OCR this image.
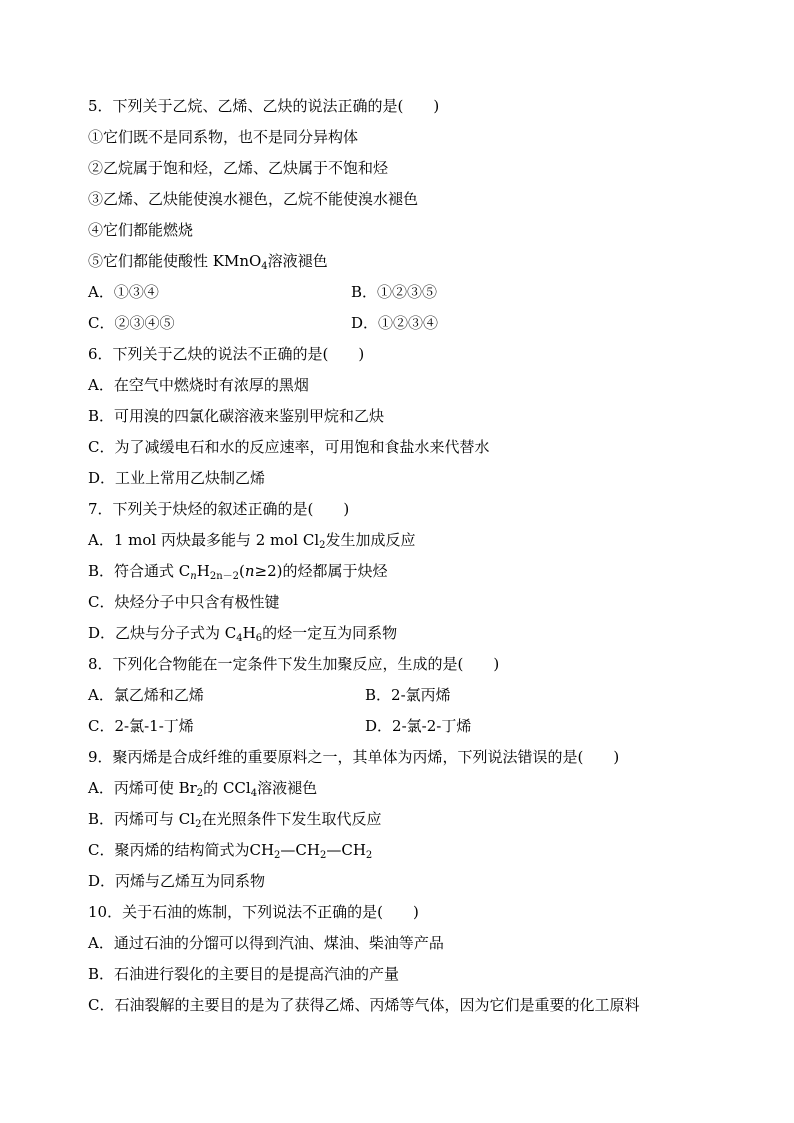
5．下列关于乙烷、乙烯、乙炔的说法正确的是(　　)
①它们既不是同系物，也不是同分异构体
②乙烷属于饱和烃，乙烯、乙炔属于不饱和烃
③乙烯、乙炔能使溴水褪色，乙烷不能使溴水褪色
④它们都能燃烧
⑤它们都能使酸性 KMnO$_4$溶液褪色
A．①③④	B．①②③⑤
C．②③④⑤	D．①②③④
6．下列关于乙炔的说法不正确的是(　　)
A．在空气中燃烧时有浓厚的黑烟
B．可用溴的四氯化碳溶液来鉴别甲烷和乙炔
C．为了减缓电石和水的反应速率，可用饱和食盐水来代替水
D．工业上常用乙炔制乙烯
7．下列关于炔烃的叙述正确的是(　　)
A．1 mol 丙炔最多能与 2 mol $Cl_2$发生加成反应
B．符合通式 $C_nH_{2n-2}(n\ge 2)$的烃都属于炔烃
C．炔烃分子中只含有极性键
D．乙炔与分子式为 $C_4H_6$的烃一定互为同系物
8．下列化合物能在一定条件下发生加聚反应，生成的是(　　)
A．氯乙烯和乙烯	B．2-氯丙烯
C．2-氯-1-丁烯	D．2-氯-2-丁烯
9．聚丙烯是合成纤维的重要原料之一，其单体为丙烯，下列说法错误的是(　　)
A．丙烯可使 $Br_2$的 CCl$_4$溶液褪色
B．丙烯可与 $Cl_2$在光照条件下发生取代反应
C．聚丙烯的结构简式为$CH_2—CH_2—CH_2$
D．丙烯与乙烯互为同系物
10．关于石油的炼制，下列说法不正确的是(　　)
A．通过石油的分馏可以得到汽油、煤油、柴油等产品
B．石油进行裂化的主要目的是提高汽油的产量
C．石油裂解的主要目的是为了获得乙烯、丙烯等气体，因为它们是重要的化工原料
